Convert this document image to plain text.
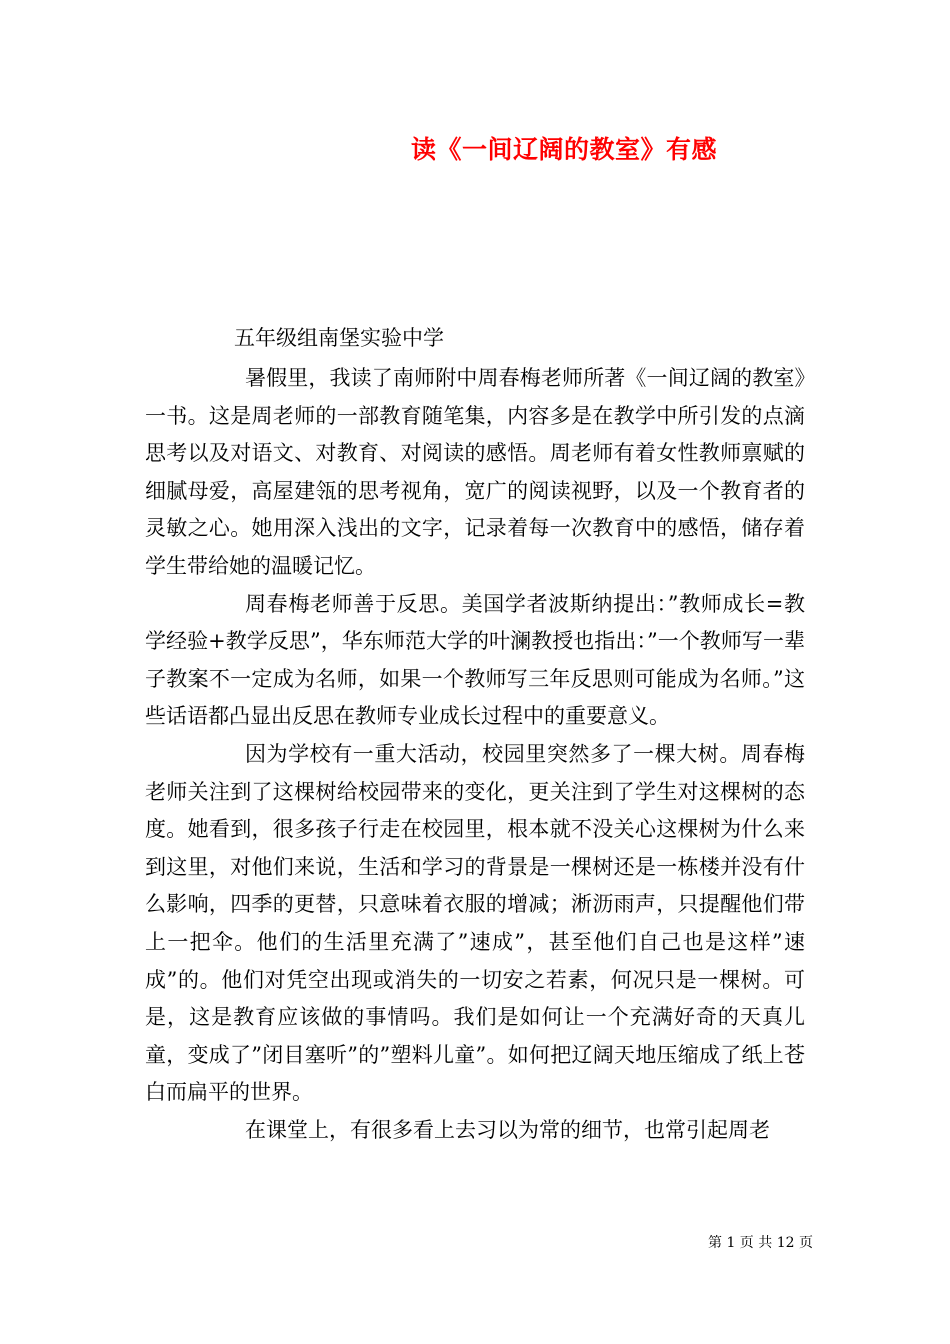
读《一间辽阔的教室》有感
五年级组南堡实验中学

暑假里，我读了南师附中周春梅老师所著《一间辽阔的教室》一书。这是周老师的一部教育随笔集，内容多是在教学中所引发的点滴思考以及对语文、对教育、对阅读的感悟。周老师有着女性教师禀赋的细腻母爱，高屋建瓴的思考视角，宽广的阅读视野，以及一个教育者的灵敏之心。她用深入浅出的文字，记录着每一次教育中的感悟，储存着学生带给她的温暖记忆。

周春梅老师善于反思。美国学者波斯纳提出：”教师成长=教学经验+教学反思”，华东师范大学的叶澜教授也指出：”一个教师写一辈子教案不一定成为名师，如果一个教师写三年反思则可能成为名师。”这些话语都凸显出反思在教师专业成长过程中的重要意义。

因为学校有一重大活动，校园里突然多了一棵大树。周春梅老师关注到了这棵树给校园带来的变化，更关注到了学生对这棵树的态度。她看到，很多孩子行走在校园里，根本就不没关心这棵树为什么来到这里，对他们来说，生活和学习的背景是一棵树还是一栋楼并没有什么影响，四季的更替，只意味着衣服的增减；淅沥雨声，只提醒他们带上一把伞。他们的生活里充满了”速成”，甚至他们自己也是这样”速成”的。他们对凭空出现或消失的一切安之若素，何况只是一棵树。可是，这是教育应该做的事情吗。我们是如何让一个充满好奇的天真儿童，变成了”闭目塞听”的”塑料儿童”。如何把辽阔天地压缩成了纸上苍白而扁平的世界。

在课堂上，有很多看上去习以为常的细节，也常引起周老

第 1 页 共 12 页
